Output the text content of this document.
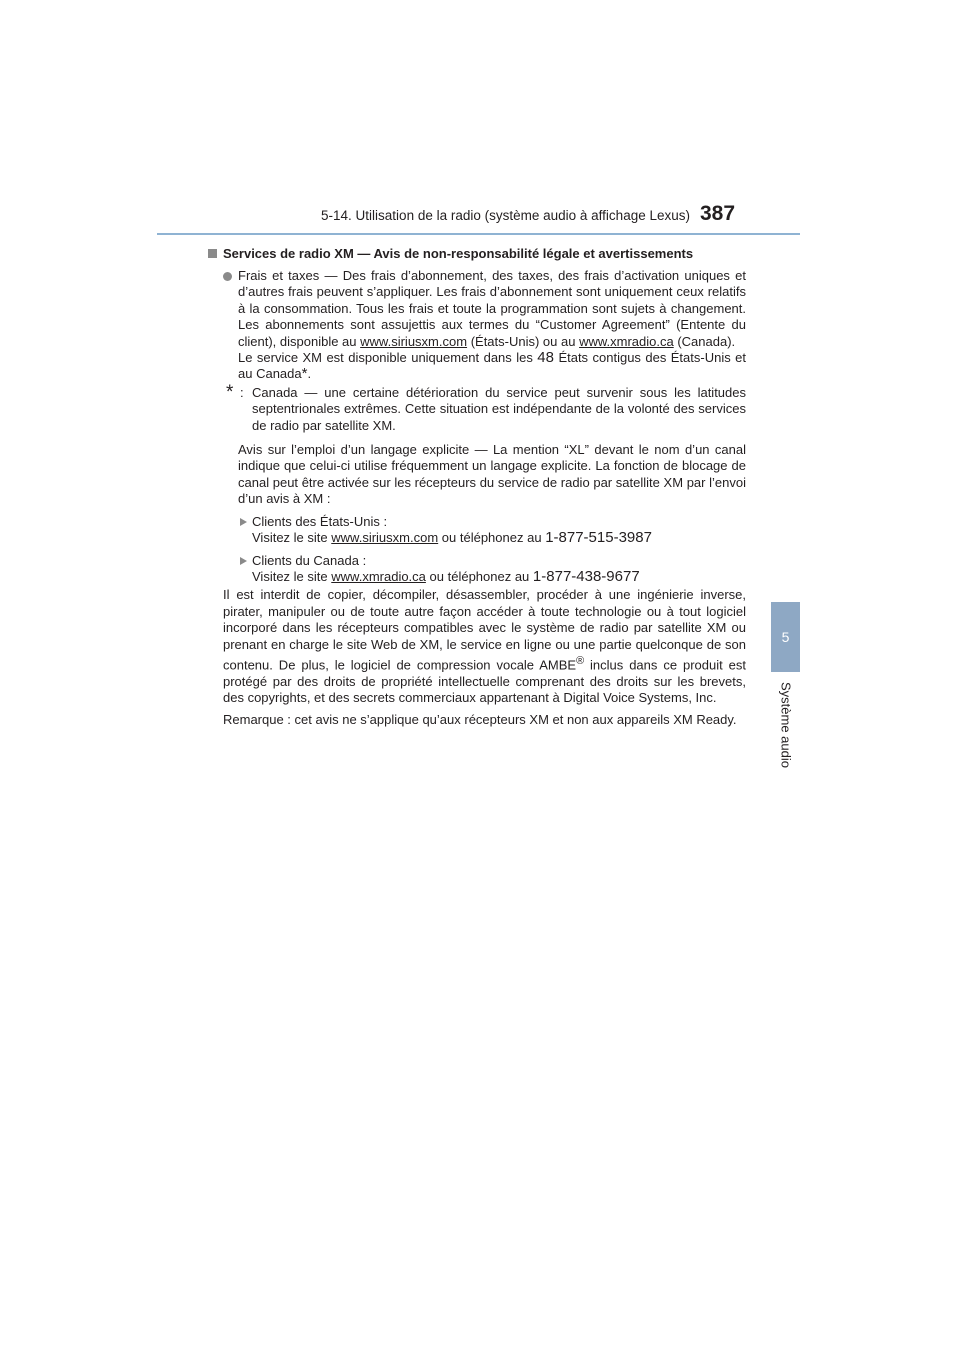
5-14. Utilisation de la radio (système audio à affichage Lexus) 387
5
Système audio
Services de radio XM — Avis de non-responsabilité légale et avertissements

Frais et taxes — Des frais d’abonnement, des taxes, des frais d’activation uniques et d’autres frais peuvent s’appliquer. Les frais d’abonnement sont uniquement ceux relatifs à la consommation. Tous les frais et toute la programmation sont sujets à changement. Les abonnements sont assujettis aux termes du “Customer Agreement” (Entente du client), disponible au www.siriusxm.com (États-Unis) ou au www.xmradio.ca (Canada).

Le service XM est disponible uniquement dans les 48 États contigus des États-Unis et au Canada*.

* : Canada — une certaine détérioration du service peut survenir sous les latitudes septentrionales extrêmes. Cette situation est indépendante de la volonté des services de radio par satellite XM.

Avis sur l’emploi d’un langage explicite — La mention “XL” devant le nom d’un canal indique que celui-ci utilise fréquemment un langage explicite. La fonction de blocage de canal peut être activée sur les récepteurs du service de radio par satellite XM par l’envoi d’un avis à XM :

Clients des États-Unis :
Visitez le site www.siriusxm.com ou téléphonez au 1-877-515-3987
Clients du Canada :
Visitez le site www.xmradio.ca ou téléphonez au 1-877-438-9677

Il est interdit de copier, décompiler, désassembler, procéder à une ingénierie inverse, pirater, manipuler ou de toute autre façon accéder à toute technologie ou à tout logiciel incorporé dans les récepteurs compatibles avec le système de radio par satellite XM ou prenant en charge le site Web de XM, le service en ligne ou une partie quelconque de son contenu. De plus, le logiciel de compression vocale AMBE® inclus dans ce produit est protégé par des droits de propriété intellectuelle comprenant des droits sur les brevets, des copyrights, et des secrets commerciaux appartenant à Digital Voice Systems, Inc.

Remarque : cet avis ne s’applique qu’aux récepteurs XM et non aux appareils XM Ready.
